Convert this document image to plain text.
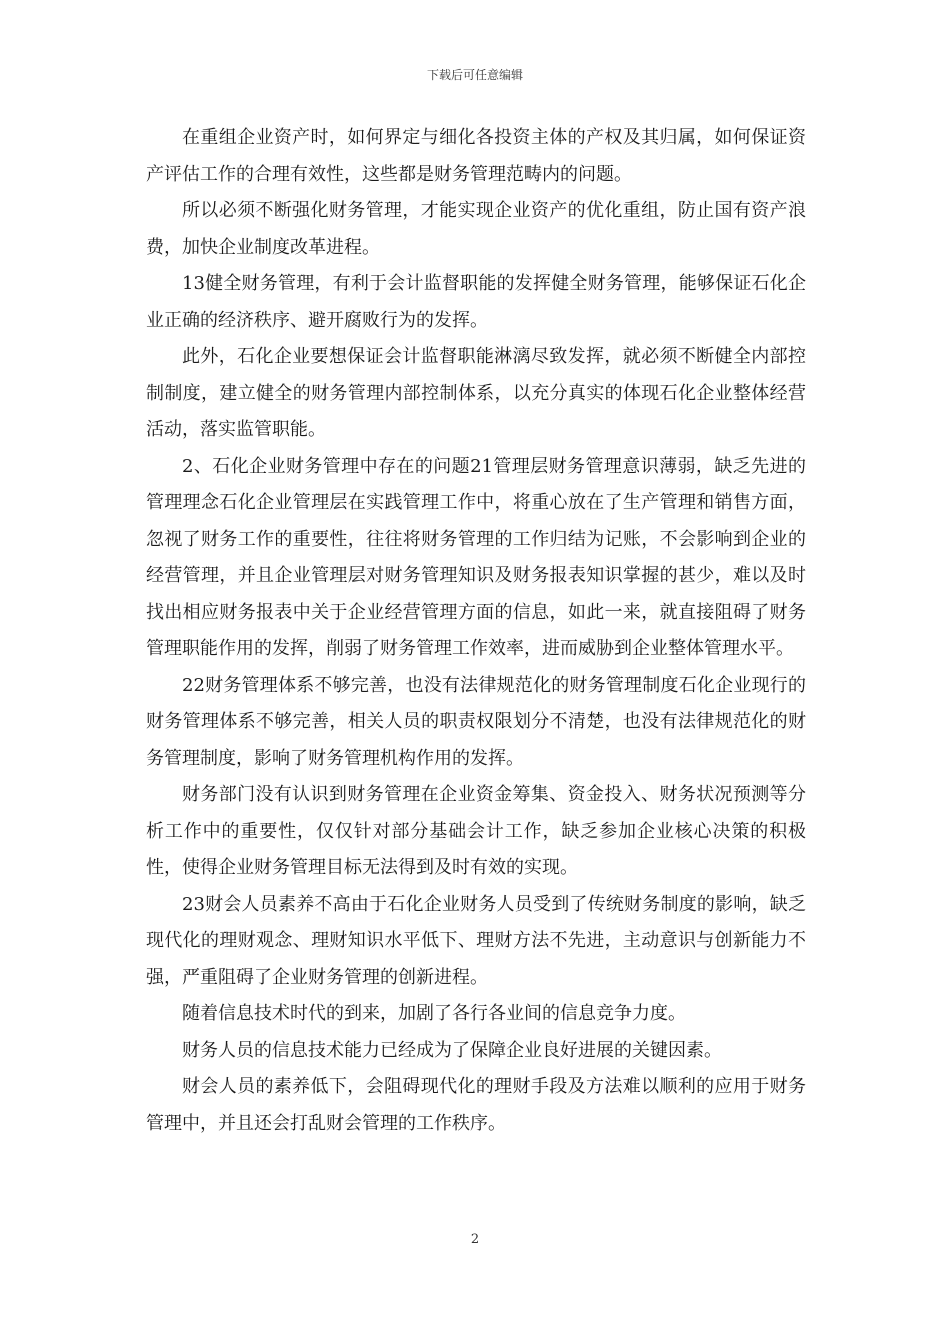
下载后可任意编辑

在重组企业资产时，如何界定与细化各投资主体的产权及其归属，如何保证资产评估工作的合理有效性，这些都是财务管理范畴内的问题。

所以必须不断强化财务管理，才能实现企业资产的优化重组，防止国有资产浪费，加快企业制度改革进程。

13健全财务管理，有利于会计监督职能的发挥健全财务管理，能够保证石化企业正确的经济秩序、避开腐败行为的发挥。

此外，石化企业要想保证会计监督职能淋漓尽致发挥，就必须不断健全内部控制制度，建立健全的财务管理内部控制体系，以充分真实的体现石化企业整体经营活动，落实监管职能。

2、石化企业财务管理中存在的问题21管理层财务管理意识薄弱，缺乏先进的管理理念石化企业管理层在实践管理工作中，将重心放在了生产管理和销售方面，忽视了财务工作的重要性，往往将财务管理的工作归结为记账，不会影响到企业的经营管理，并且企业管理层对财务管理知识及财务报表知识掌握的甚少，难以及时找出相应财务报表中关于企业经营管理方面的信息，如此一来，就直接阻碍了财务管理职能作用的发挥，削弱了财务管理工作效率，进而威胁到企业整体管理水平。

22财务管理体系不够完善，也没有法律规范化的财务管理制度石化企业现行的财务管理体系不够完善，相关人员的职责权限划分不清楚，也没有法律规范化的财务管理制度，影响了财务管理机构作用的发挥。

财务部门没有认识到财务管理在企业资金筹集、资金投入、财务状况预测等分析工作中的重要性，仅仅针对部分基础会计工作，缺乏参加企业核心决策的积极性，使得企业财务管理目标无法得到及时有效的实现。

23财会人员素养不高由于石化企业财务人员受到了传统财务制度的影响，缺乏现代化的理财观念、理财知识水平低下、理财方法不先进，主动意识与创新能力不强，严重阻碍了企业财务管理的创新进程。

随着信息技术时代的到来，加剧了各行各业间的信息竞争力度。

财务人员的信息技术能力已经成为了保障企业良好进展的关键因素。

财会人员的素养低下，会阻碍现代化的理财手段及方法难以顺利的应用于财务管理中，并且还会打乱财会管理的工作秩序。

2
